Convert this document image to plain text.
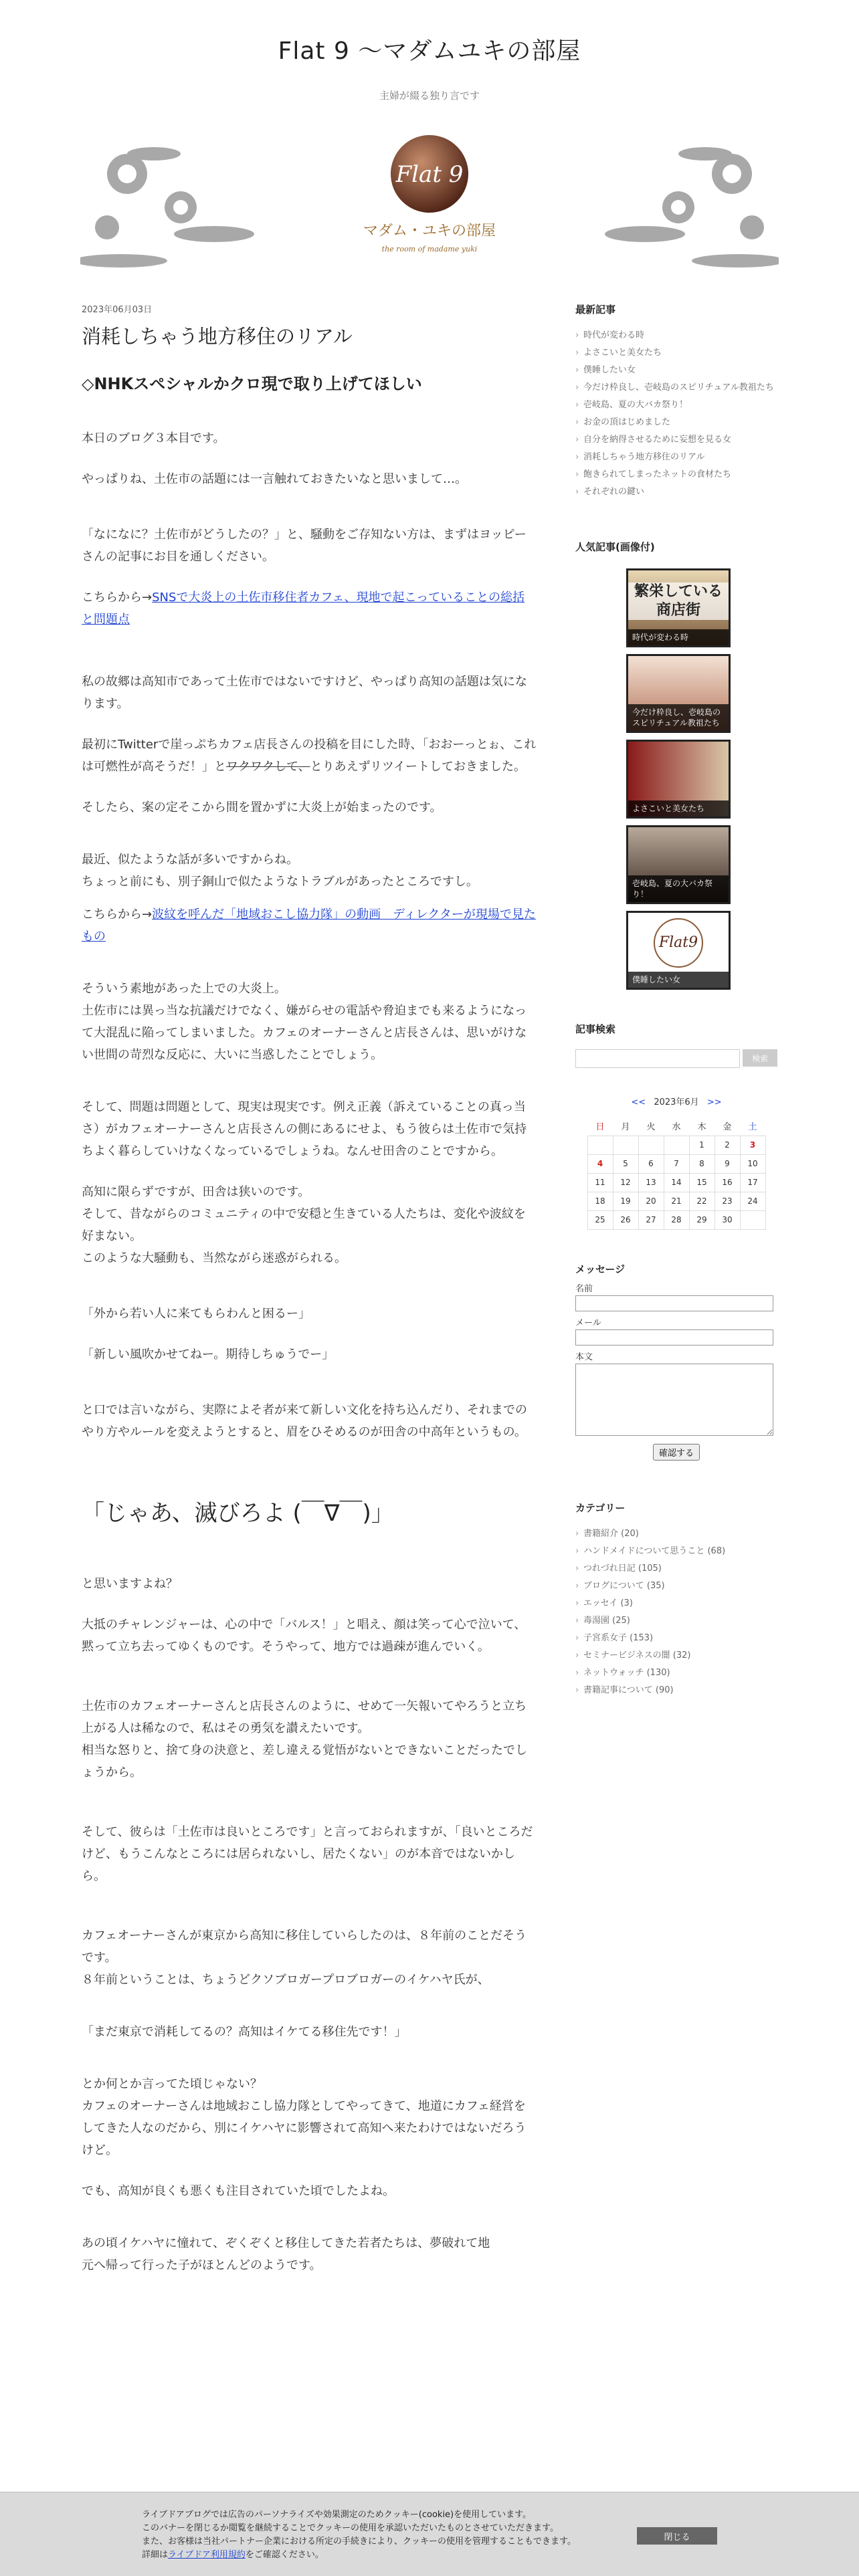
Flat 9 〜マダムユキの部屋
主婦が綴る独り言です
Flat 9
マダム・ユキの部屋
the room of madame yuki
2023年06月03日
消耗しちゃう地方移住のリアル
◇NHKスペシャルかクロ現で取り上げてほしい

本日のブログ３本目です。

やっぱりね、土佐市の話題には一言触れておきたいなと思いまして…。

「なになに？土佐市がどうしたの？」と、騒動をご存知ない方は、まずはヨッピーさんの記事にお目を通しください。

こちらから→SNSで大炎上の土佐市移住者カフェ、現地で起こっていることの総括と問題点

私の故郷は高知市であって土佐市ではないですけど、やっぱり高知の話題は気になります。

最初にTwitterで崖っぷちカフェ店長さんの投稿を目にした時、「おおーっとぉ、これは可燃性が高そうだ！」とワクワクして、とりあえずリツイートしておきました。

そしたら、案の定そこから間を置かずに大炎上が始まったのです。

最近、似たような話が多いですからね。
ちょっと前にも、別子銅山で似たようなトラブルがあったところですし。

こちらから→波紋を呼んだ「地域おこし協力隊」の動画　ディレクターが現場で見たもの

そういう素地があった上での大炎上。
土佐市には異っ当な抗議だけでなく、嫌がらせの電話や脅迫までも来るようになって大混乱に陥ってしまいました。カフェのオーナーさんと店長さんは、思いがけない世間の苛烈な反応に、大いに当惑したことでしょう。

そして、問題は問題として、現実は現実です。例え正義（訴えていることの真っ当さ）がカフェオーナーさんと店長さんの側にあるにせよ、もう彼らは土佐市で気持ちよく暮らしていけなくなっているでしょうね。なんせ田舎のことですから。

高知に限らずですが、田舎は狭いのです。
そして、昔ながらのコミュニティの中で安穏と生きている人たちは、変化や波紋を好まない。
このような大騒動も、当然ながら迷惑がられる。

「外から若い人に来てもらわんと困るー」

「新しい風吹かせてねー。期待しちゅうでー」

と口では言いながら、実際によそ者が来て新しい文化を持ち込んだり、それまでのやり方やルールを変えようとすると、眉をひそめるのが田舎の中高年というもの。

「じゃあ、滅びろよ (￣∇￣)」

と思いますよね？

大抵のチャレンジャーは、心の中で「バルス！」と唱え、顔は笑って心で泣いて、黙って立ち去ってゆくものです。そうやって、地方では過疎が進んでいく。

土佐市のカフェオーナーさんと店長さんのように、せめて一矢報いてやろうと立ち上がる人は稀なので、私はその勇気を讃えたいです。
相当な怒りと、捨て身の決意と、差し違える覚悟がないとできないことだったでしょうから。

そして、彼らは「土佐市は良いところです」と言っておられますが、「良いところだけど、もうこんなところには居られないし、居たくない」のが本音ではないかしら。

カフェオーナーさんが東京から高知に移住していらしたのは、８年前のことだそうです。
８年前ということは、ちょうどクソブロガープロブロガーのイケハヤ氏が、

「まだ東京で消耗してるの？高知はイケてる移住先です！」

とか何とか言ってた頃じゃない？
カフェのオーナーさんは地域おこし協力隊としてやってきて、地道にカフェ経営をしてきた人なのだから、別にイケハヤに影響されて高知へ来たわけではないだろうけど。

でも、高知が良くも悪くも注目されていた頃でしたよね。

あの頃イケハヤに憧れて、ぞくぞくと移住してきた若者たちは、夢破れて地
元へ帰って行った子がほとんどのようです。

最新記事
› 時代が変わる時
› よさこいと美女たち
› 僕睡したい女
› 今だけ枠良し、壱岐島のスピリチュアル教祖たち
› 壱岐島、夏の大バカ祭り！
› お金の頂はじめました
› 自分を納得させるために妄想を見る女
› 消耗しちゃう地方移住のリアル
› 飽きられてしまったネットの食材たち
› それぞれの鍵い
人気記事(画像付)
繁栄している商店街
時代が変わる時
今だけ枠良し、壱岐島のスピリチュアル教祖たち
よさこいと美女たち
壱岐島、夏の大バカ祭り！
Flat9
僕睡したい女
記事検索
検索
<< 2023年6月 >>
日	月	火	水	木	金	土
				1	2	3
4	5	6	7	8	9	10
11	12	13	14	15	16	17
18	19	20	21	22	23	24
25	26	27	28	29	30	
メッセージ
名前
メール
本文
確認する
カテゴリー
› 書籍紹介 (20)
› ハンドメイドについて思うこと (68)
› つれづれ日記 (105)
› ブログについて (35)
› エッセイ (3)
› 毒湯園 (25)
› 子宮系女子 (153)
› セミナービジネスの闇 (32)
› ネットウォッチ (130)
› 書籍記事について (90)
ライブドアブログでは広告のパーソナライズや効果測定のためクッキー(cookie)を使用しています。
このバナーを閉じるか閲覧を継続することでクッキーの使用を承認いただいたものとさせていただきます。
また、お客様は当社パートナー企業における所定の手続きにより、クッキーの使用を管理することもできます。
詳細はライブドア利用規約をご確認ください。
閉じる
